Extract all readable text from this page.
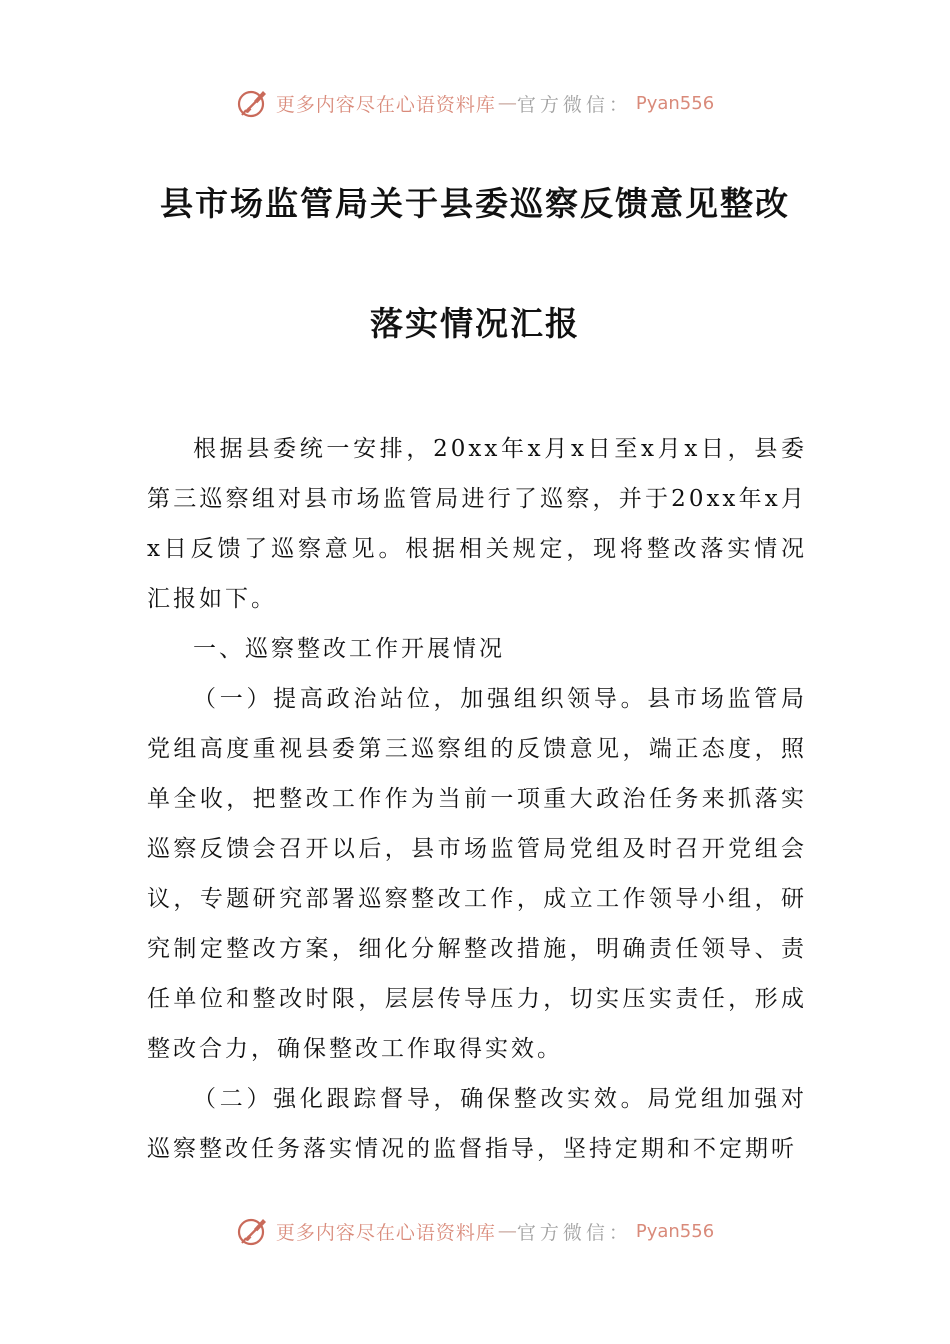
更多内容尽在心语资料库 — 官方微信： Pyan556
县市场监管局关于县委巡察反馈意见整改
落实情况汇报

根据县委统一安排，20xx年x月x日至x月x日，县委第三巡察组对县市场监管局进行了巡察，并于20xx年x月x日反馈了巡察意见。根据相关规定，现将整改落实情况汇报如下。

一、巡察整改工作开展情况

（一）提高政治站位，加强组织领导。县市场监管局党组高度重视县委第三巡察组的反馈意见，端正态度，照单全收，把整改工作作为当前一项重大政治任务来抓落实巡察反馈会召开以后，县市场监管局党组及时召开党组会议，专题研究部署巡察整改工作，成立工作领导小组，研究制定整改方案，细化分解整改措施，明确责任领导、责任单位和整改时限，层层传导压力，切实压实责任，形成整改合力，确保整改工作取得实效。

（二）强化跟踪督导，确保整改实效。局党组加强对巡察整改任务落实情况的监督指导，坚持定期和不定期听

更多内容尽在心语资料库 — 官方微信： Pyan556
